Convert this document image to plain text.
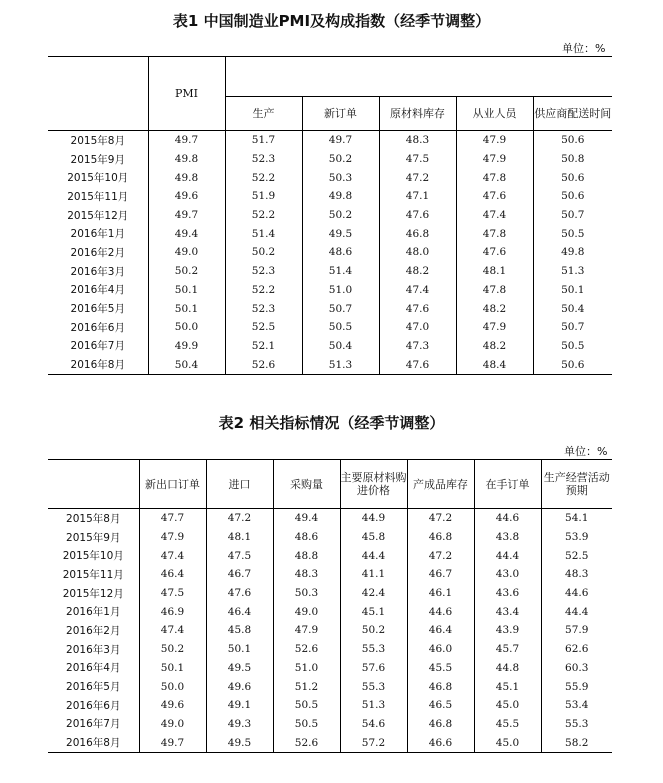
表1 中国制造业PMI及构成指数（经季节调整）
单位：%
	PMI					
		生产	新订单	原材料库存	从业人员	供应商配送时间
2015年8月	49.7	51.7	49.7	48.3	47.9	50.6
2015年9月	49.8	52.3	50.2	47.5	47.9	50.8
2015年10月	49.8	52.2	50.3	47.2	47.8	50.6
2015年11月	49.6	51.9	49.8	47.1	47.6	50.6
2015年12月	49.7	52.2	50.2	47.6	47.4	50.7
2016年1月	49.4	51.4	49.5	46.8	47.8	50.5
2016年2月	49.0	50.2	48.6	48.0	47.6	49.8
2016年3月	50.2	52.3	51.4	48.2	48.1	51.3
2016年4月	50.1	52.2	51.0	47.4	47.8	50.1
2016年5月	50.1	52.3	50.7	47.6	48.2	50.4
2016年6月	50.0	52.5	50.5	47.0	47.9	50.7
2016年7月	49.9	52.1	50.4	47.3	48.2	50.5
2016年8月	50.4	52.6	51.3	47.6	48.4	50.6
表2 相关指标情况（经季节调整）
单位：%
	新出口订单	进口	采购量	主要原材料购进价格	产成品库存	在手订单	生产经营活动预期
2015年8月	47.7	47.2	49.4	44.9	47.2	44.6	54.1
2015年9月	47.9	48.1	48.6	45.8	46.8	43.8	53.9
2015年10月	47.4	47.5	48.8	44.4	47.2	44.4	52.5
2015年11月	46.4	46.7	48.3	41.1	46.7	43.0	48.3
2015年12月	47.5	47.6	50.3	42.4	46.1	43.6	44.6
2016年1月	46.9	46.4	49.0	45.1	44.6	43.4	44.4
2016年2月	47.4	45.8	47.9	50.2	46.4	43.9	57.9
2016年3月	50.2	50.1	52.6	55.3	46.0	45.7	62.6
2016年4月	50.1	49.5	51.0	57.6	45.5	44.8	60.3
2016年5月	50.0	49.6	51.2	55.3	46.8	45.1	55.9
2016年6月	49.6	49.1	50.5	51.3	46.5	45.0	53.4
2016年7月	49.0	49.3	50.5	54.6	46.8	45.5	55.3
2016年8月	49.7	49.5	52.6	57.2	46.6	45.0	58.2
